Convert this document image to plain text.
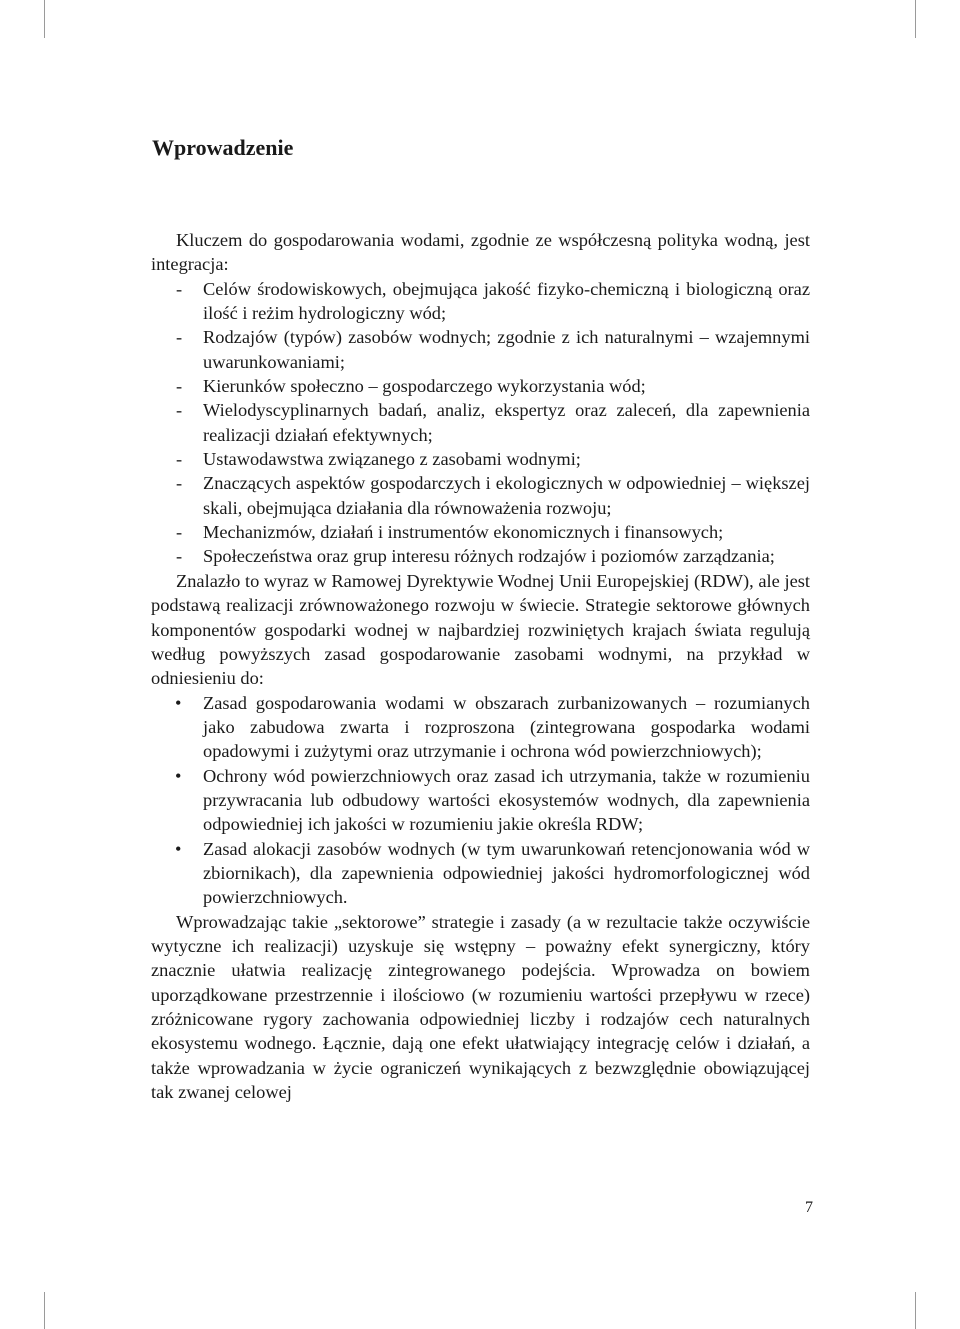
Wprowadzenie

Kluczem do gospodarowania wodami, zgodnie ze współczesną polityka wodną, jest integracja:

- Celów środowiskowych, obejmująca jakość fizyko-chemiczną i biologiczną oraz ilość i reżim hydrologiczny wód;
- Rodzajów (typów) zasobów wodnych; zgodnie z ich naturalnymi – wzajemnymi uwarunkowaniami;
- Kierunków społeczno – gospodarczego wykorzystania wód;
- Wielodyscyplinarnych badań, analiz, ekspertyz oraz zaleceń, dla zapewnienia realizacji działań efektywnych;
- Ustawodawstwa związanego z zasobami wodnymi;
- Znaczących aspektów gospodarczych i ekologicznych w odpowiedniej – większej skali, obejmująca działania dla równoważenia rozwoju;
- Mechanizmów, działań i instrumentów ekonomicznych i finansowych;
- Społeczeństwa oraz grup interesu różnych rodzajów i poziomów zarządzania;

Znalazło to wyraz w Ramowej Dyrektywie Wodnej Unii Europejskiej (RDW), ale jest podstawą realizacji zrównoważonego rozwoju w świecie. Strategie sektorowe głównych komponentów gospodarki wodnej w najbardziej rozwiniętych krajach świata regulują według powyższych zasad gospodarowanie zasobami wodnymi, na przykład w odniesieniu do:

• Zasad gospodarowania wodami w obszarach zurbanizowanych – rozumianych jako zabudowa zwarta i rozproszona (zintegrowana gospodarka wodami opadowymi i zużytymi oraz utrzymanie i ochrona wód powierzchniowych);
• Ochrony wód powierzchniowych oraz zasad ich utrzymania, także w rozumieniu przywracania lub odbudowy wartości ekosystemów wodnych, dla zapewnienia odpowiedniej ich jakości w rozumieniu jakie określa RDW;
• Zasad alokacji zasobów wodnych (w tym uwarunkowań retencjonowania wód w zbiornikach), dla zapewnienia odpowiedniej jakości hydromorfologicznej wód powierzchniowych.

Wprowadzając takie „sektorowe” strategie i zasady (a w rezultacie także oczywiście wytyczne ich realizacji) uzyskuje się wstępny – poważny efekt synergiczny, który znacznie ułatwia realizację zintegrowanego podejścia. Wprowadza on bowiem uporządkowane przestrzennie i ilościowo (w rozumieniu wartości przepływu w rzece) zróżnicowane rygory zachowania odpowiedniej liczby i rodzajów cech naturalnych ekosystemu wodnego. Łącznie, dają one efekt ułatwiający integrację celów i działań, a także wprowadzania w życie ograniczeń wynikających z bezwzględnie obowiązującej tak zwanej celowej

7
